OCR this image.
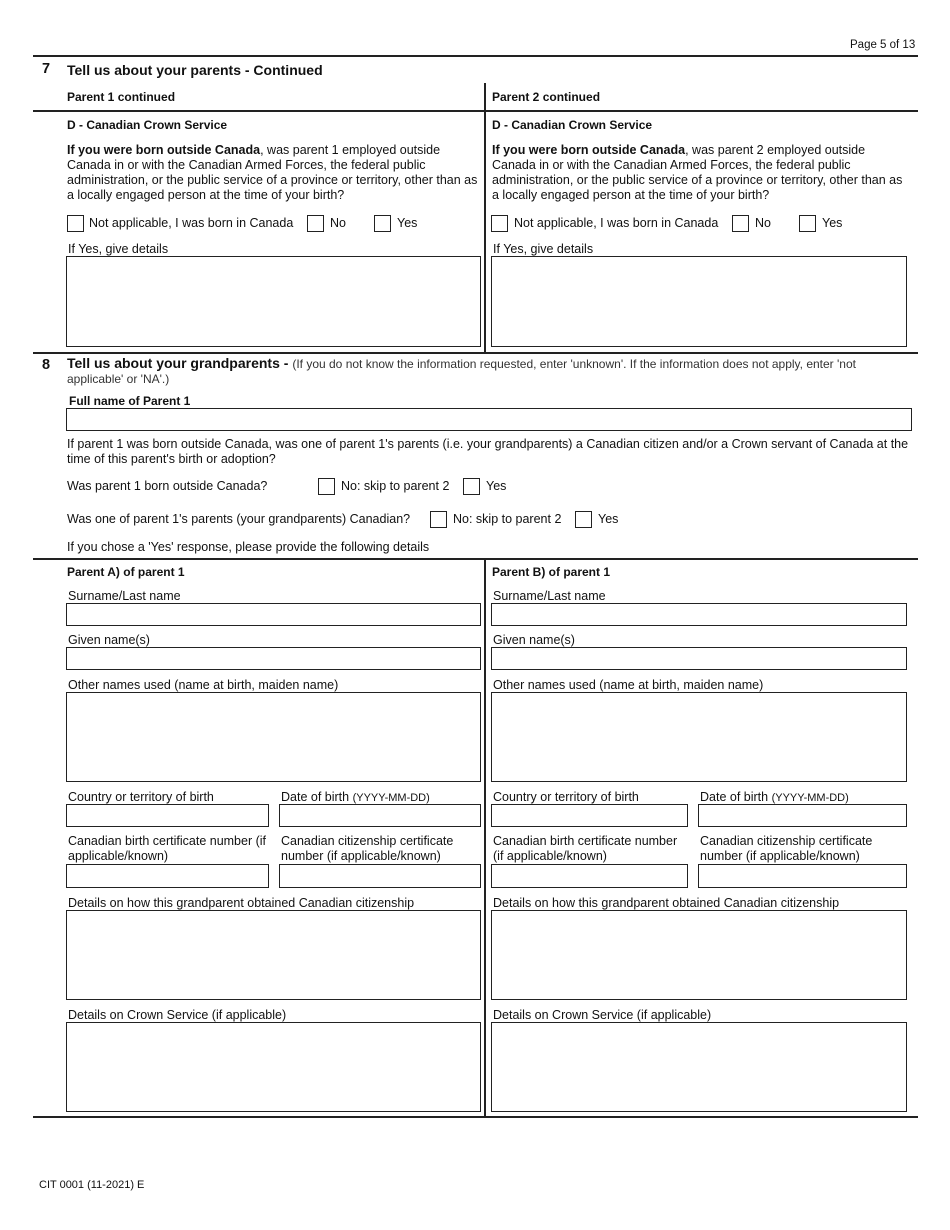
Page 5 of 13
7 Tell us about your parents - Continued
Parent 1 continued	Parent 2 continued
D - Canadian Crown Service
If you were born outside Canada, was parent 1 employed outside Canada in or with the Canadian Armed Forces, the federal public administration, or the public service of a province or territory, other than as a locally engaged person at the time of your birth?
Not applicable, I was born in Canada	No	Yes
If Yes, give details
D - Canadian Crown Service
If you were born outside Canada, was parent 2 employed outside Canada in or with the Canadian Armed Forces, the federal public administration, or the public service of a province or territory, other than as a locally engaged person at the time of your birth?
Not applicable, I was born in Canada	No	Yes
If Yes, give details
8 Tell us about your grandparents - (If you do not know the information requested, enter 'unknown'. If the information does not apply, enter 'not applicable' or 'NA'.)
Full name of Parent 1
If parent 1 was born outside Canada, was one of parent 1's parents (i.e. your grandparents) a Canadian citizen and/or a Crown servant of Canada at the time of this parent's birth or adoption?
Was parent 1 born outside Canada?	No: skip to parent 2	Yes
Was one of parent 1's parents (your grandparents) Canadian?	No: skip to parent 2	Yes
If you chose a 'Yes' response, please provide the following details
Parent A) of parent 1
Surname/Last name
Given name(s)
Other names used (name at birth, maiden name)
Country or territory of birth	Date of birth (YYYY-MM-DD)
Canadian birth certificate number (if applicable/known)
Canadian citizenship certificate number (if applicable/known)
Details on how this grandparent obtained Canadian citizenship
Details on Crown Service (if applicable)
Parent B) of parent 1
Surname/Last name
Given name(s)
Other names used (name at birth, maiden name)
Country or territory of birth	Date of birth (YYYY-MM-DD)
Canadian birth certificate number (if applicable/known)
Canadian citizenship certificate number (if applicable/known)
Details on how this grandparent obtained Canadian citizenship
Details on Crown Service (if applicable)
CIT 0001 (11-2021) E
